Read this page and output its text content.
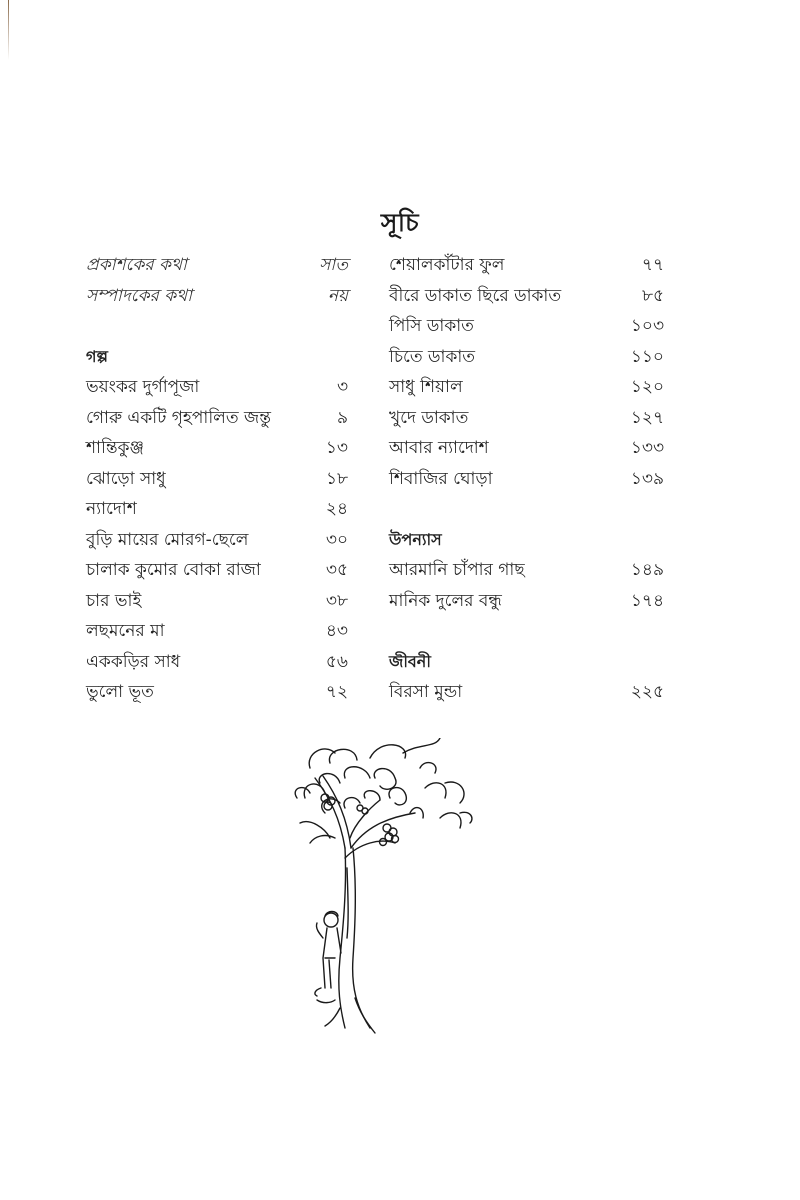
সূচি
প্রকাশকের কথা	সাত
সম্পাদকের কথা	নয়
গল্প
ভয়ংকর দুর্গাপূজা	৩
গোরু একটি গৃহপালিত জন্তু	৯
শান্তিকুঞ্জ	১৩
ঝোড়ো সাধু	১৮
ন্যাদোশ	২৪
বুড়ি মায়ের মোরগ-ছেলে	৩০
চালাক কুমোর বোকা রাজা	৩৫
চার ভাই	৩৮
লছমনের মা	৪৩
এককড়ির সাধ	৫৬
ভুলো ভূত	৭২
শেয়ালকাঁটার ফুল	৭৭
বীরে ডাকাত ছিরে ডাকাত	৮৫
পিসি ডাকাত	১০৩
চিতে ডাকাত	১১০
সাধু শিয়াল	১২০
খুদে ডাকাত	১২৭
আবার ন্যাদোশ	১৩৩
শিবাজির ঘোড়া	১৩৯
উপন্যাস
আরমানি চাঁপার গাছ	১৪৯
মানিক দুলের বন্ধু	১৭৪
জীবনী
বিরসা মুন্ডা	২২৫
